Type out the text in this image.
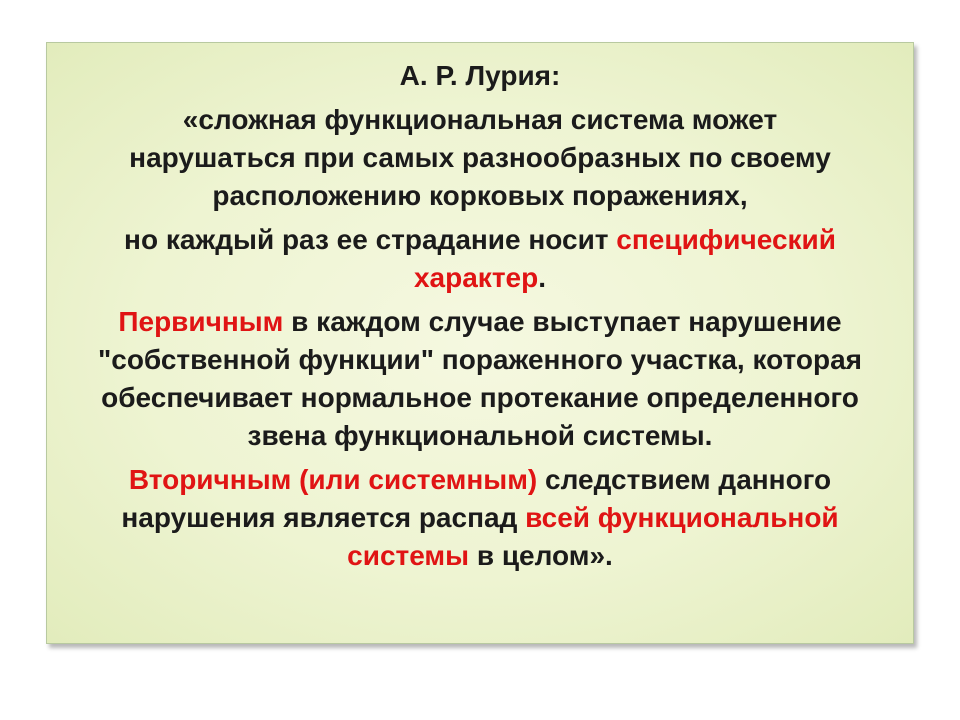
А. Р. Лурия:

«сложная функциональная система может
нарушаться при самых разнообразных по своему
расположению корковых поражениях,

но каждый раз ее страдание носит специфический характер.

Первичным в каждом случае выступает нарушение "собственной функции" пораженного участка, которая обеспечивает нормальное протекание определенного звена функциональной системы.

Вторичным (или системным) следствием данного нарушения является распад всей функциональной системы в целом».
